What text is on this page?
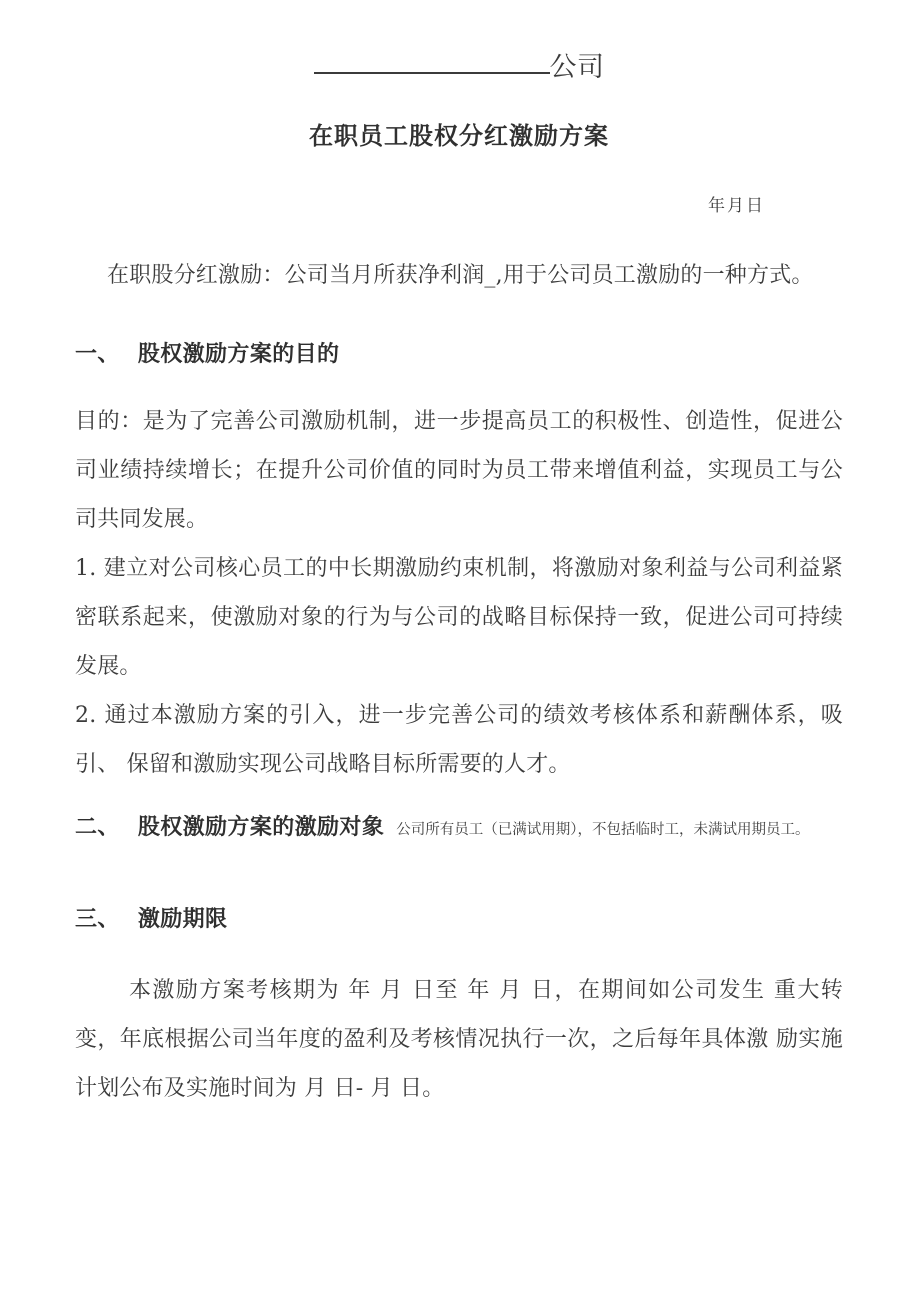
公司
在职员工股权分红激励方案
年月日

在职股分红激励：公司当月所获净利润_,用于公司员工激励的一种方式。

一、 股权激励方案的目的

目的：是为了完善公司激励机制，进一步提高员工的积极性、创造性，促进公司业绩持续增长；在提升公司价值的同时为员工带来增值利益，实现员工与公司共同发展。

1. 建立对公司核心员工的中长期激励约束机制，将激励对象利益与公司利益紧密联系起来，使激励对象的行为与公司的战略目标保持一致，促进公司可持续发展。

2. 通过本激励方案的引入，进一步完善公司的绩效考核体系和薪酬体系，吸引、 保留和激励实现公司战略目标所需要的人才。

二、 股权激励方案的激励对象 公司所有员工（已满试用期），不包括临时工，未满试用期员工。
三、 激励期限

本激励方案考核期为 年 月 日至 年 月 日，在期间如公司发生 重大转变，年底根据公司当年度的盈利及考核情况执行一次，之后每年具体激 励实施计划公布及实施时间为 月 日- 月 日。
